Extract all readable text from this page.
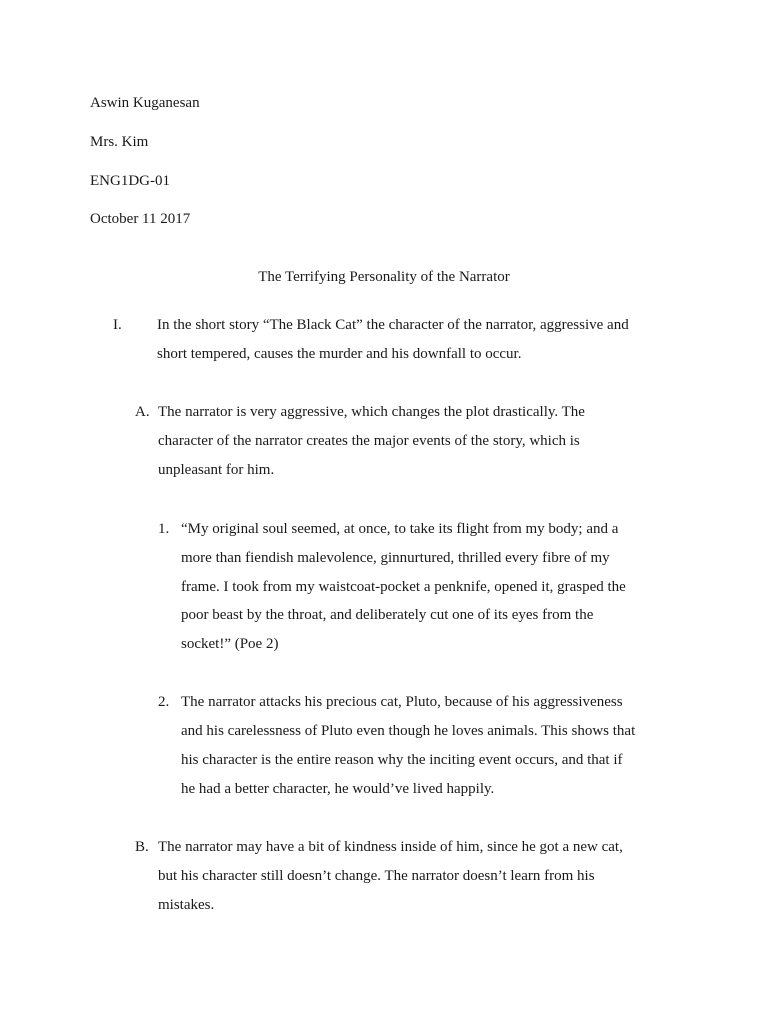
Aswin Kuganesan
Mrs. Kim
ENG1DG-01
October 11 2017
The Terrifying Personality of the Narrator
I. In the short story “The Black Cat” the character of the narrator, aggressive and
short tempered, causes the murder and his downfall to occur.
A. The narrator is very aggressive, which changes the plot drastically. The
character of the narrator creates the major events of the story, which is
unpleasant for him.
1. “My original soul seemed, at once, to take its flight from my body; and a
more than fiendish malevolence, ginnurtured, thrilled every fibre of my
frame. I took from my waistcoat-pocket a penknife, opened it, grasped the
poor beast by the throat, and deliberately cut one of its eyes from the
socket!” (Poe 2)
2. The narrator attacks his precious cat, Pluto, because of his aggressiveness
and his carelessness of Pluto even though he loves animals. This shows that
his character is the entire reason why the inciting event occurs, and that if
he had a better character, he would’ve lived happily.
B. The narrator may have a bit of kindness inside of him, since he got a new cat,
but his character still doesn’t change. The narrator doesn’t learn from his
mistakes.
